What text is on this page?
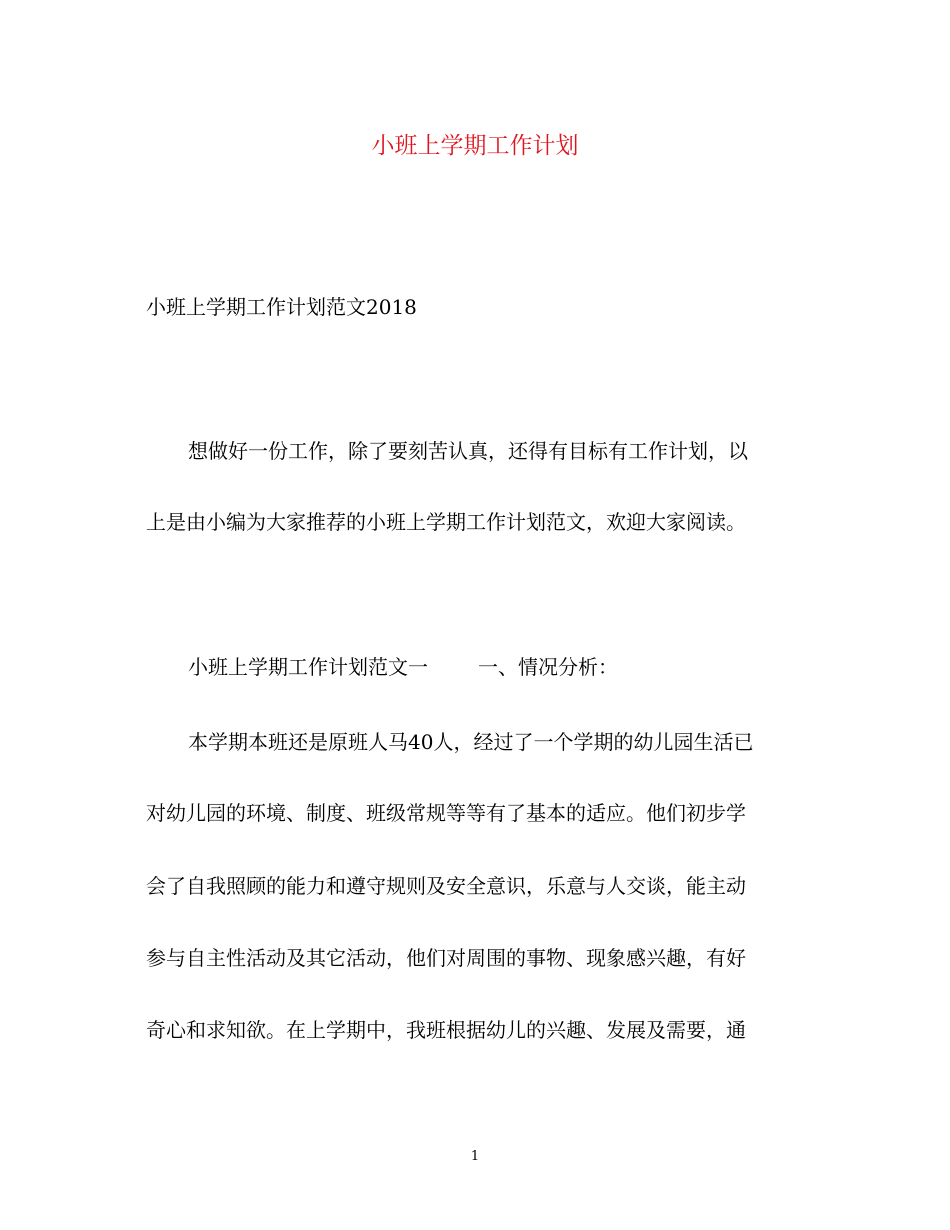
小班上学期工作计划
小班上学期工作计划范文2018
想做好一份工作，除了要刻苦认真，还得有目标有工作计划，以
上是由小编为大家推荐的小班上学期工作计划范文，欢迎大家阅读。
小班上学期工作计划范文一	一、情况分析：
本学期本班还是原班人马40人，经过了一个学期的幼儿园生活已
对幼儿园的环境、制度、班级常规等等有了基本的适应。他们初步学
会了自我照顾的能力和遵守规则及安全意识，乐意与人交谈，能主动
参与自主性活动及其它活动，他们对周围的事物、现象感兴趣，有好
奇心和求知欲。在上学期中，我班根据幼儿的兴趣、发展及需要，通
1
